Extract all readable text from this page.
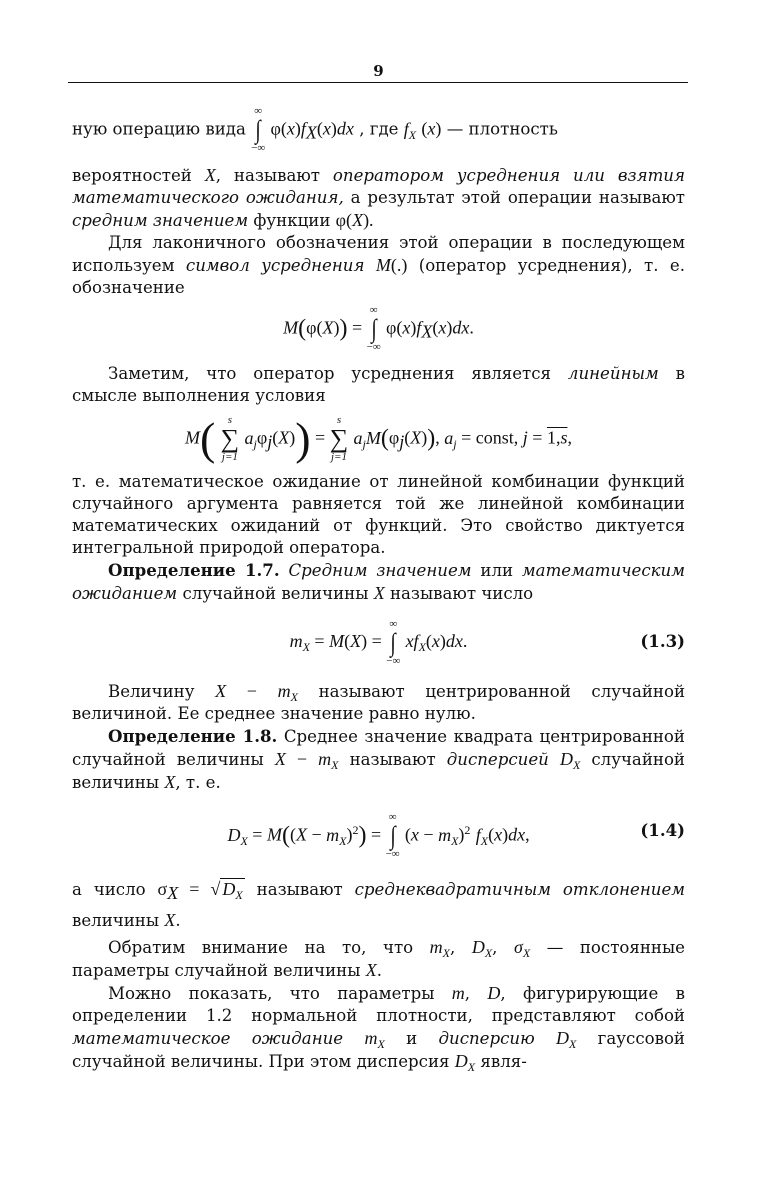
9

ную операцию вида
∞
∫
−∞
$\varphi(x)f_X(x)dx$ , где $f_X$ (x) — плотность

вероятностей X, называют оператором усреднения или взятия математического ожидания, а результат этой операции называют средним значением функции φ(X).

Для лаконичного обозначения этой операции в последующем используем символ усреднения M(.) (оператор усреднения), т. е. обозначение

M(φ(X)) =
∞
∫
−∞
$\varphi(x)f_X(x)dx$.

Заметим, что оператор усреднения является линейным в смысле выполнения условия

M(	s
∑
j=1
$a_j\varphi_j(X)$) =
s
∑
j=1
$a_jM(\varphi_j(X))$, $a_j$ = const, j = 1,s,

т. е. математическое ожидание от линейной комбинации функций случайного аргумента равняется той же линейной комбинации математических ожиданий от функций. Это свойство диктуется интегральной природой оператора.

Определение 1.7. Средним значением или математическим ожиданием случайной величины X называют число

$m_X = M(X)$ =
∞
∫
−∞
$xf_X(x)dx$.	(1.3)

Величину $X - m_X$ называют центрированной случайной величиной. Ее среднее значение равно нулю.

Определение 1.8. Среднее значение квадрата центрированной случайной величины $X - m_X$ называют дисперсией $D_X$ случайной величины X, т. е.

$D_X = M((X - m_X)^2)$ =
∞
∫
−∞
$(x - m_X)^2$ $f_X(x)dx$,	(1.4)

а число $\sigma_X$ = √ $D_X$ называют среднеквадратичным отклонением величины X.

Обратим внимание на то, что $m_X$, $D_X$, $\sigma_X$ — постоянные параметры случайной величины X.

Можно показать, что параметры m, D, фигурирующие в определении 1.2 нормальной плотности, представляют собой математическое ожидание $m_X$ и дисперсию $D_X$ гауссовой случайной величины. При этом дисперсия $D_X$ явля-
